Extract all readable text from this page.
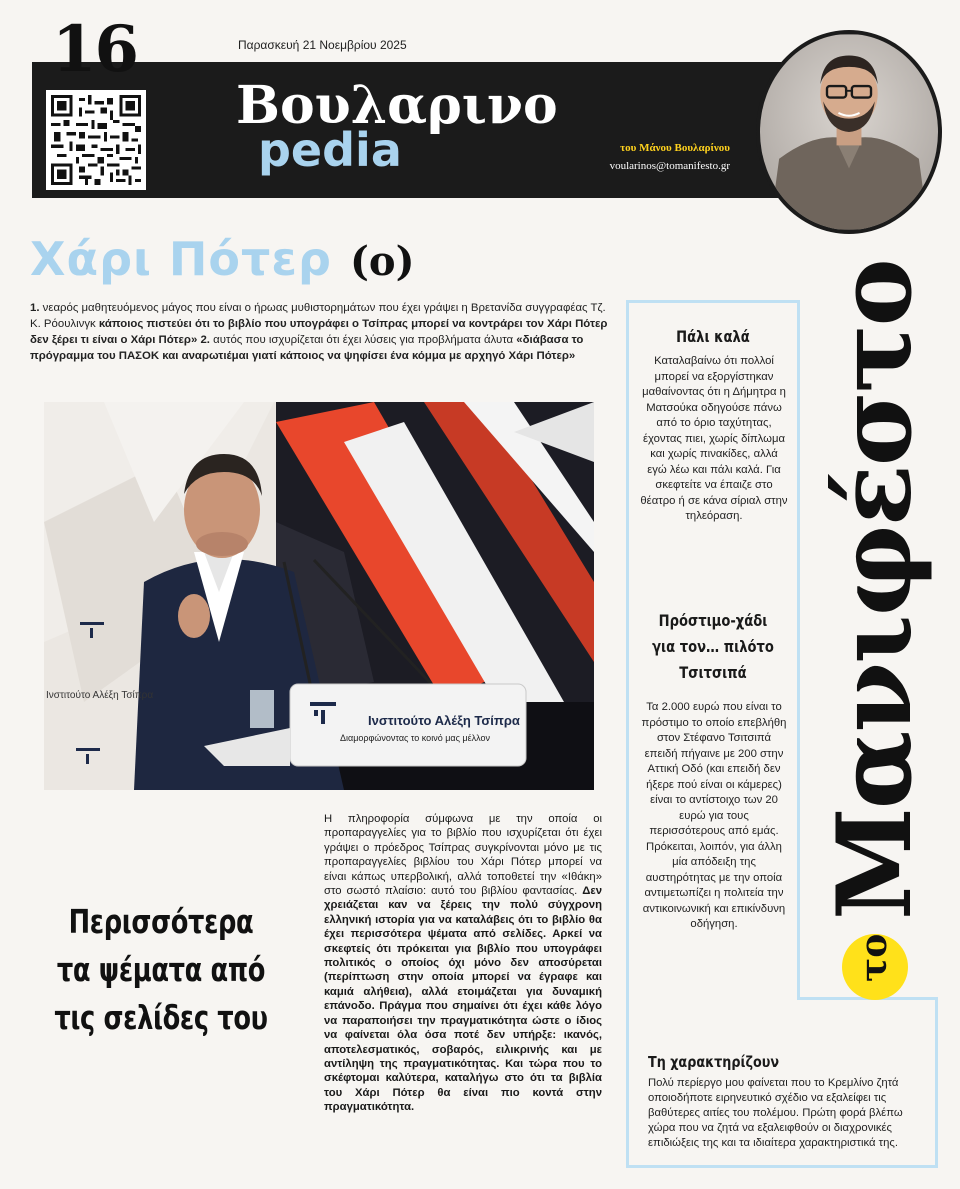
16	Παρασκευή 21 Νοεμβρίου 2025
Βουλαρινο
pedia	του Μάνου Βουλαρίνου
voularinos@tomanifesto.gr
Χάρι Πότερ (ο)
1. νεαρός μαθητευόμενος μάγος που είναι ο ήρωας μυθιστορημάτων που έχει γράψει η Βρετανίδα συγγραφέας Τζ. Κ. Ρόουλινγκ κάποιος πιστεύει ότι το βιβλίο που υπογράφει ο Τσίπρας μπορεί να κοντράρει τον Χάρι Πότερ δεν ξέρει τι είναι ο Χάρι Πότερ» 2. αυτός που ισχυρίζεται ότι έχει λύσεις για προβλήματα άλυτα «διάβασα το πρόγραμμα του ΠΑΣΟΚ και αναρωτιέμαι γιατί κάποιος να ψηφίσει ένα κόμμα με αρχηγό Χάρι Πότερ»
Ινστιτούτο Αλέξη Τσίπρα
Διαμορφώνοντας το κοινό μας μέλλον
Ινστιτούτο Αλέξη Τσίπρα
Περισσότερα
τα ψέματα από
τις σελίδες του
Η πληροφορία σύμφωνα με την οποία οι προπαραγγελίες για το βιβλίο που ισχυρίζεται ότι έχει γράψει ο πρόεδρος Τσίπρας συγκρίνονται μόνο με τις προπαραγγελίες βιβλίου του Χάρι Πότερ μπορεί να είναι κάπως υπερβολική, αλλά τοποθετεί την «Ιθάκη» στο σωστό πλαίσιο: αυτό του βιβλίου φαντασίας. Δεν χρειάζεται καν να ξέρεις την πολύ σύγχρονη ελληνική ιστορία για να καταλάβεις ότι το βιβλίο θα έχει περισσότερα ψέματα από σελίδες. Αρκεί να σκεφτείς ότι πρόκειται για βιβλίο που υπογράφει πολιτικός ο οποίος όχι μόνο δεν αποσύρεται (περίπτωση στην οποία μπορεί να έγραφε και καμιά αλήθεια), αλλά ετοιμάζεται για δυναμική επάνοδο. Πράγμα που σημαίνει ότι έχει κάθε λόγο να παραποιήσει την πραγματικότητα ώστε ο ίδιος να φαίνεται όλα όσα ποτέ δεν υπήρξε: ικανός, αποτελεσματικός, σοβαρός, ειλικρινής και με αντίληψη της πραγματικότητας. Και τώρα που το σκέφτομαι καλύτερα, καταλήγω στο ότι τα βιβλία του Χάρι Πότερ θα είναι πιο κοντά στην πραγματικότητα.
Πάλι καλά
Καταλαβαίνω ότι πολλοί μπορεί να εξοργίστηκαν μαθαίνοντας ότι η Δήμητρα η Ματσούκα οδηγούσε πάνω από το όριο ταχύτητας, έχοντας πιει, χωρίς δίπλωμα και χωρίς πινακίδες, αλλά εγώ λέω και πάλι καλά. Για σκεφτείτε να έπαιζε στο θέατρο ή σε κάνα σίριαλ στην τηλεόραση.
Πρόστιμο-χάδι
για τον… πιλότο
Τσιτσιπά
Τα 2.000 ευρώ που είναι το πρόστιμο το οποίο επεβλήθη στον Στέφανο Τσιτσιπά επειδή πήγαινε με 200 στην Αττική Οδό (και επειδή δεν ήξερε πού είναι οι κάμερες) είναι το αντίστοιχο των 20 ευρώ για τους περισσότερους από εμάς. Πρόκειται, λοιπόν, για άλλη μία απόδειξη της αυστηρότητας με την οποία αντιμετωπίζει η πολιτεία την αντικοινωνική και επικίνδυνη οδήγηση.
Τη χαρακτηρίζουν
Πολύ περίεργο μου φαίνεται που το Κρεμλίνο ζητά οποιοδήποτε ειρηνευτικό σχέδιο να εξαλείφει τις βαθύτερες αιτίες του πολέμου. Πρώτη φορά βλέπω χώρα που να ζητά να εξαλειφθούν οι διαχρονικές επιδιώξεις της και τα ιδιαίτερα χαρακτηριστικά της.
Μανιφέστο
το
